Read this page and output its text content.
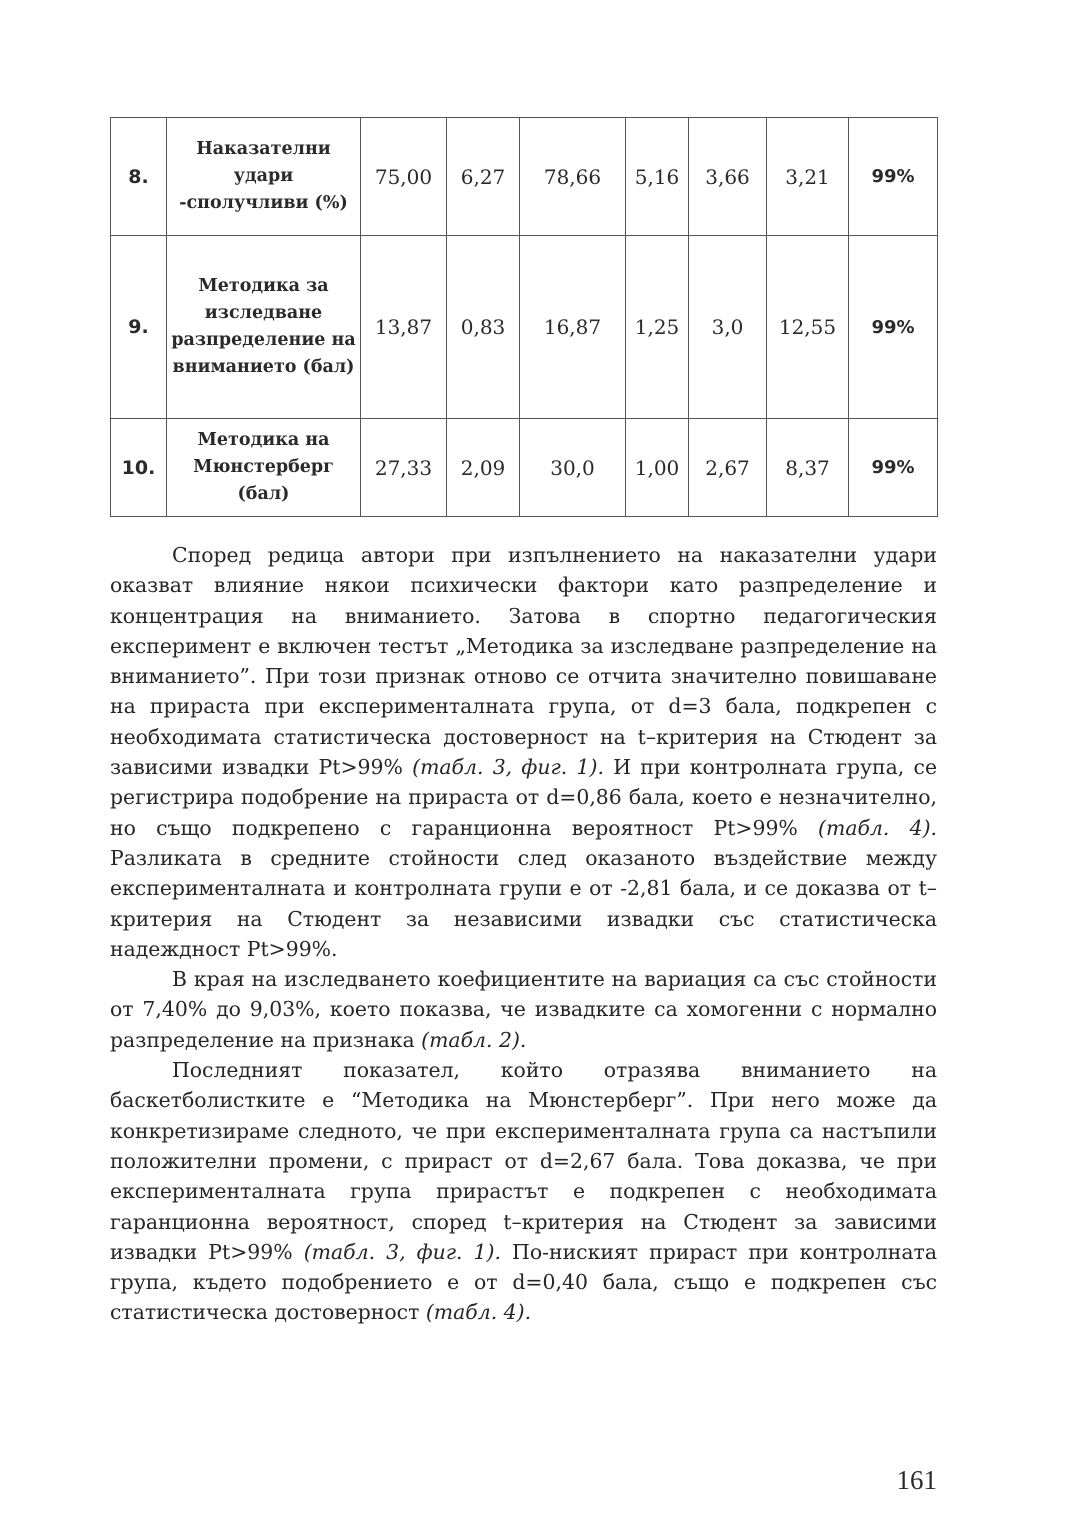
8.	Наказателни удари -сполучливи (%)	75,00	6,27	78,66	5,16	3,66	3,21	99%
9.	Методика за изследване разпределение на вниманието (бал)	13,87	0,83	16,87	1,25	3,0	12,55	99%
10.	Методика на Мюнстерберг (бал)	27,33	2,09	30,0	1,00	2,67	8,37	99%

Според редица автори при изпълнението на наказателни удари оказват влияние някои психически фактори като разпределение и концентрация на вниманието. Затова в спортно педагогическия експеримент е включен тестът „Методика за изследване разпределение на вниманието”. При този признак отново се отчита значително повишаване на прираста при експерименталната група, от d=3 бала, подкрепен с необходимата статистическа достоверност на t–критерия на Стюдент за зависими извадки Pt>99% (табл. 3, фиг. 1). И при контролната група, се регистрира подобрение на прираста от d=0,86 бала, което е незначително, но също подкрепено с гаранционна вероятност Pt>99% (табл. 4). Разликата в средните стойности след оказаното въздействие между експерименталната и контролната групи е от -2,81 бала, и се доказва от t–критерия на Стюдент за независими извадки със статистическа надеждност Pt>99%.

В края на изследването коефициентите на вариация са със стойности от 7,40% до 9,03%, което показва, че извадките са хомогенни с нормално разпределение на признака (табл. 2).

Последният показател, който отразява вниманието на баскетболистките е “Методика на Мюнстерберг”. При него може да конкретизираме следното, че при експерименталната група са настъпили положителни промени, с прираст от d=2,67 бала. Това доказва, че при експерименталната група прирастът е подкрепен с необходимата гаранционна вероятност, според t–критерия на Стюдент за зависими извадки Pt>99% (табл. 3, фиг. 1). По-ниският прираст при контролната група, където подобрението е от d=0,40 бала, също е подкрепен със статистическа достоверност (табл. 4).

161
